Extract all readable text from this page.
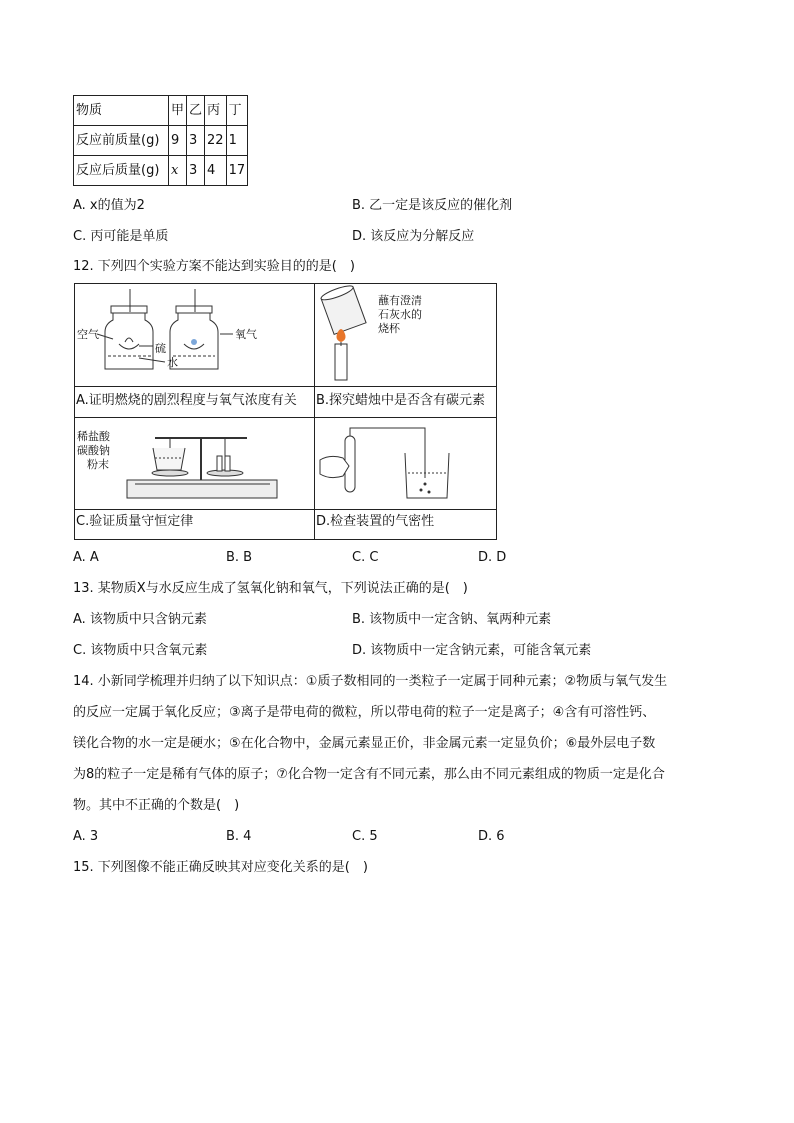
物质	甲	乙	丙	丁
反应前质量(g)	9	3	22	1
反应后质量(g)	x	3	4	17
A. x的值为2	B. 乙一定是该反应的催化剂
C. 丙可能是单质	D. 该反应为分解反应
12. 下列四个实验方案不能达到实验目的的是(　)
空气	氧气
硫
水
蘸有澄清
石灰水的
烧杯
A.证明燃烧的剧烈程度与氧气浓度有关 B.探究蜡烛中是否含有碳元素
稀盐酸
碳酸钠
粉末
C.验证质量守恒定律	D.检查装置的气密性
A. A	B. B	C. C	D. D
13. 某物质X与水反应生成了氢氧化钠和氧气，下列说法正确的是(　)
A. 该物质中只含钠元素	B. 该物质中一定含钠、氧两种元素
C. 该物质中只含氧元素	D. 该物质中一定含钠元素，可能含氧元素
14. 小新同学梳理并归纳了以下知识点：①质子数相同的一类粒子一定属于同种元素；②物质与氧气发生
的反应一定属于氧化反应；③离子是带电荷的微粒，所以带电荷的粒子一定是离子；④含有可溶性钙、
镁化合物的水一定是硬水；⑤在化合物中，金属元素显正价，非金属元素一定显负价；⑥最外层电子数
为8的粒子一定是稀有气体的原子；⑦化合物一定含有不同元素，那么由不同元素组成的物质一定是化合
物。其中不正确的个数是(　)
A. 3	B. 4	C. 5	D. 6
15. 下列图像不能正确反映其对应变化关系的是(　)
